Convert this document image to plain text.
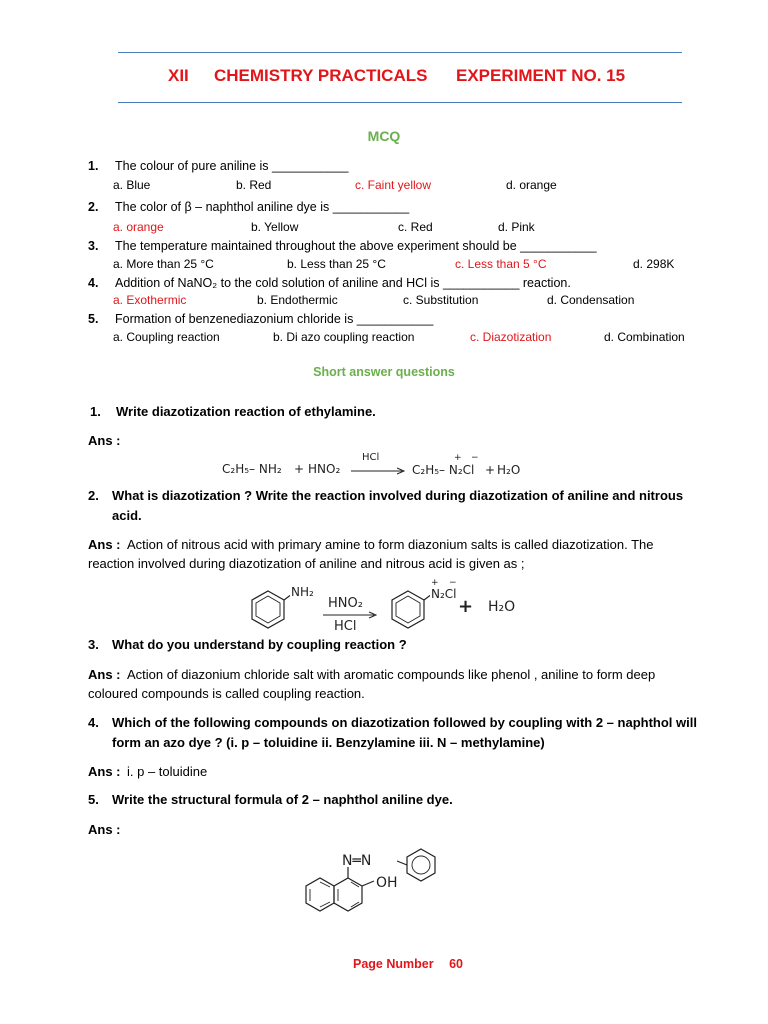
XII CHEMISTRY PRACTICALS EXPERIMENT NO. 15
MCQ
1. The colour of pure aniline is ___________
a. Blue	b. Red	c. Faint yellow	d. orange
2. The color of β – naphthol aniline dye is ___________
a. orange	b. Yellow	c. Red	d. Pink
3. The temperature maintained throughout the above experiment should be ___________
a. More than 25 °C	b. Less than 25 °C	c. Less than 5 °C	d. 298K
4. Addition of NaNO₂ to the cold solution of aniline and HCl is ___________ reaction.
a. Exothermic	b. Endothermic	c. Substitution	d. Condensation
5. Formation of benzenediazonium chloride is ___________
a. Coupling reaction	b. Di azo coupling reaction	c. Diazotization	d. Combination
Short answer questions
1. Write diazotization reaction of ethylamine.
Ans :
C₂H₅– NH₂ + HNO₂
HCl
C₂H₅– N₂Cl
+ −
+ H₂O
2. What is diazotization ? Write the reaction involved during diazotization of aniline and nitrous
acid.
Ans : Action of nitrous acid with primary amine to form diazonium salts is called diazotization. The
reaction involved during diazotization of aniline and nitrous acid is given as ;
NH₂
HNO₂
HCl
+ −
N₂Cl
+ H₂O
3. What do you understand by coupling reaction ?
Ans : Action of diazonium chloride salt with aromatic compounds like phenol , aniline to form deep
coloured compounds is called coupling reaction.
4. Which of the following compounds on diazotization followed by coupling with 2 – naphthol will
form an azo dye ? (i. p – toluidine ii. Benzylamine iii. N – methylamine)
Ans : i. p – toluidine
5. Write the structural formula of 2 – naphthol aniline dye.
Ans :
N═N
OH
Page Number 60
